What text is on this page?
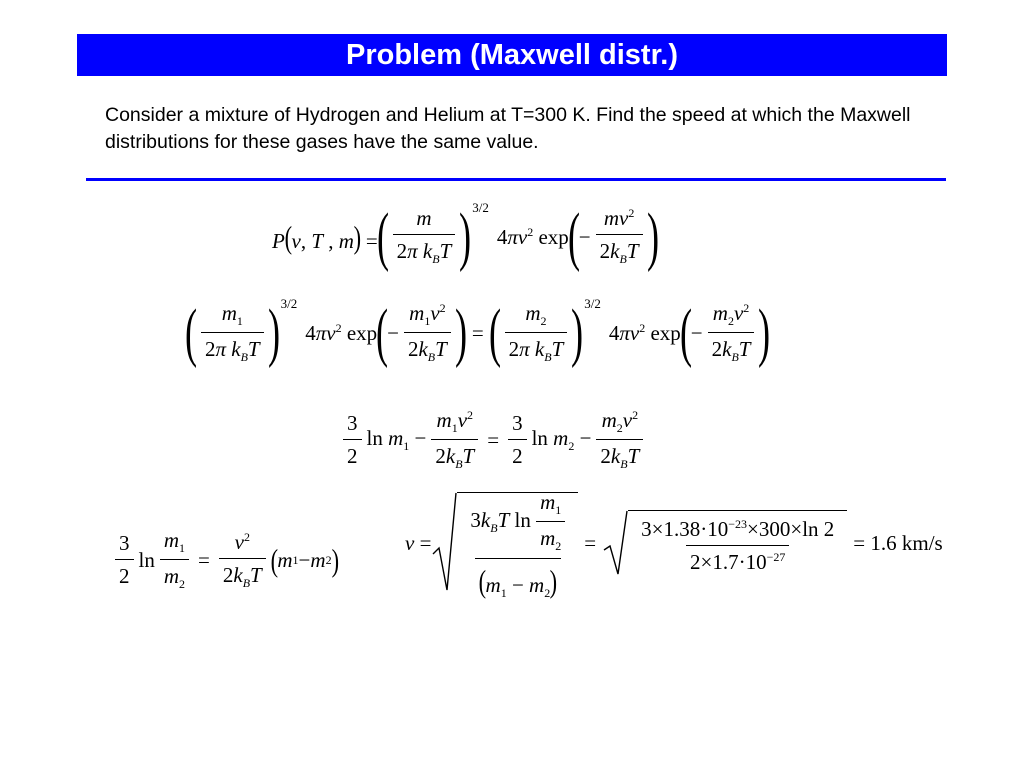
Problem (Maxwell distr.)
Consider a mixture of Hydrogen and Helium at T=300 K. Find the speed at which the Maxwell distributions for these gases have the same value.
P(v, T , m) =
( $\frac{m}{2\pi k_BT}$ ) 3/2
$4\pi v^2$ exp
(
− $\frac{mv^2}{2k_BT}$ )
( $\frac{m_1}{2\pi k_BT}$ ) 3/2
$4\pi v^2$ exp
(
− $\frac{m_1v^2}{2k_BT}$ ) = ( $\frac{m_2}{2\pi k_BT}$ ) 3/2
$4\pi v^2$ exp
(
− $\frac{m_2v^2}{2k_BT}$ )
$\frac{3}{2}$ $\ln m_1 - \frac{m_1v^2}{2k_BT} = \frac{3}{2}$ $\ln m_2 - \frac{m_2v^2}{2k_BT}$
$\frac{3}{2}$ $\ln \frac{m_1}{m_2} = \frac{v^2}{2k_BT}$ ( m 1 − m 2 )	$v = \frac{3k_BT \ln \frac{m_1}{m_2}}{(m_1 - m_2)} = \frac{3\times 1.38\cdot 10^{-23}\times 300\times\ln 2}{2\times 1.7\cdot 10^{-27}} = 1.6$ km/s
